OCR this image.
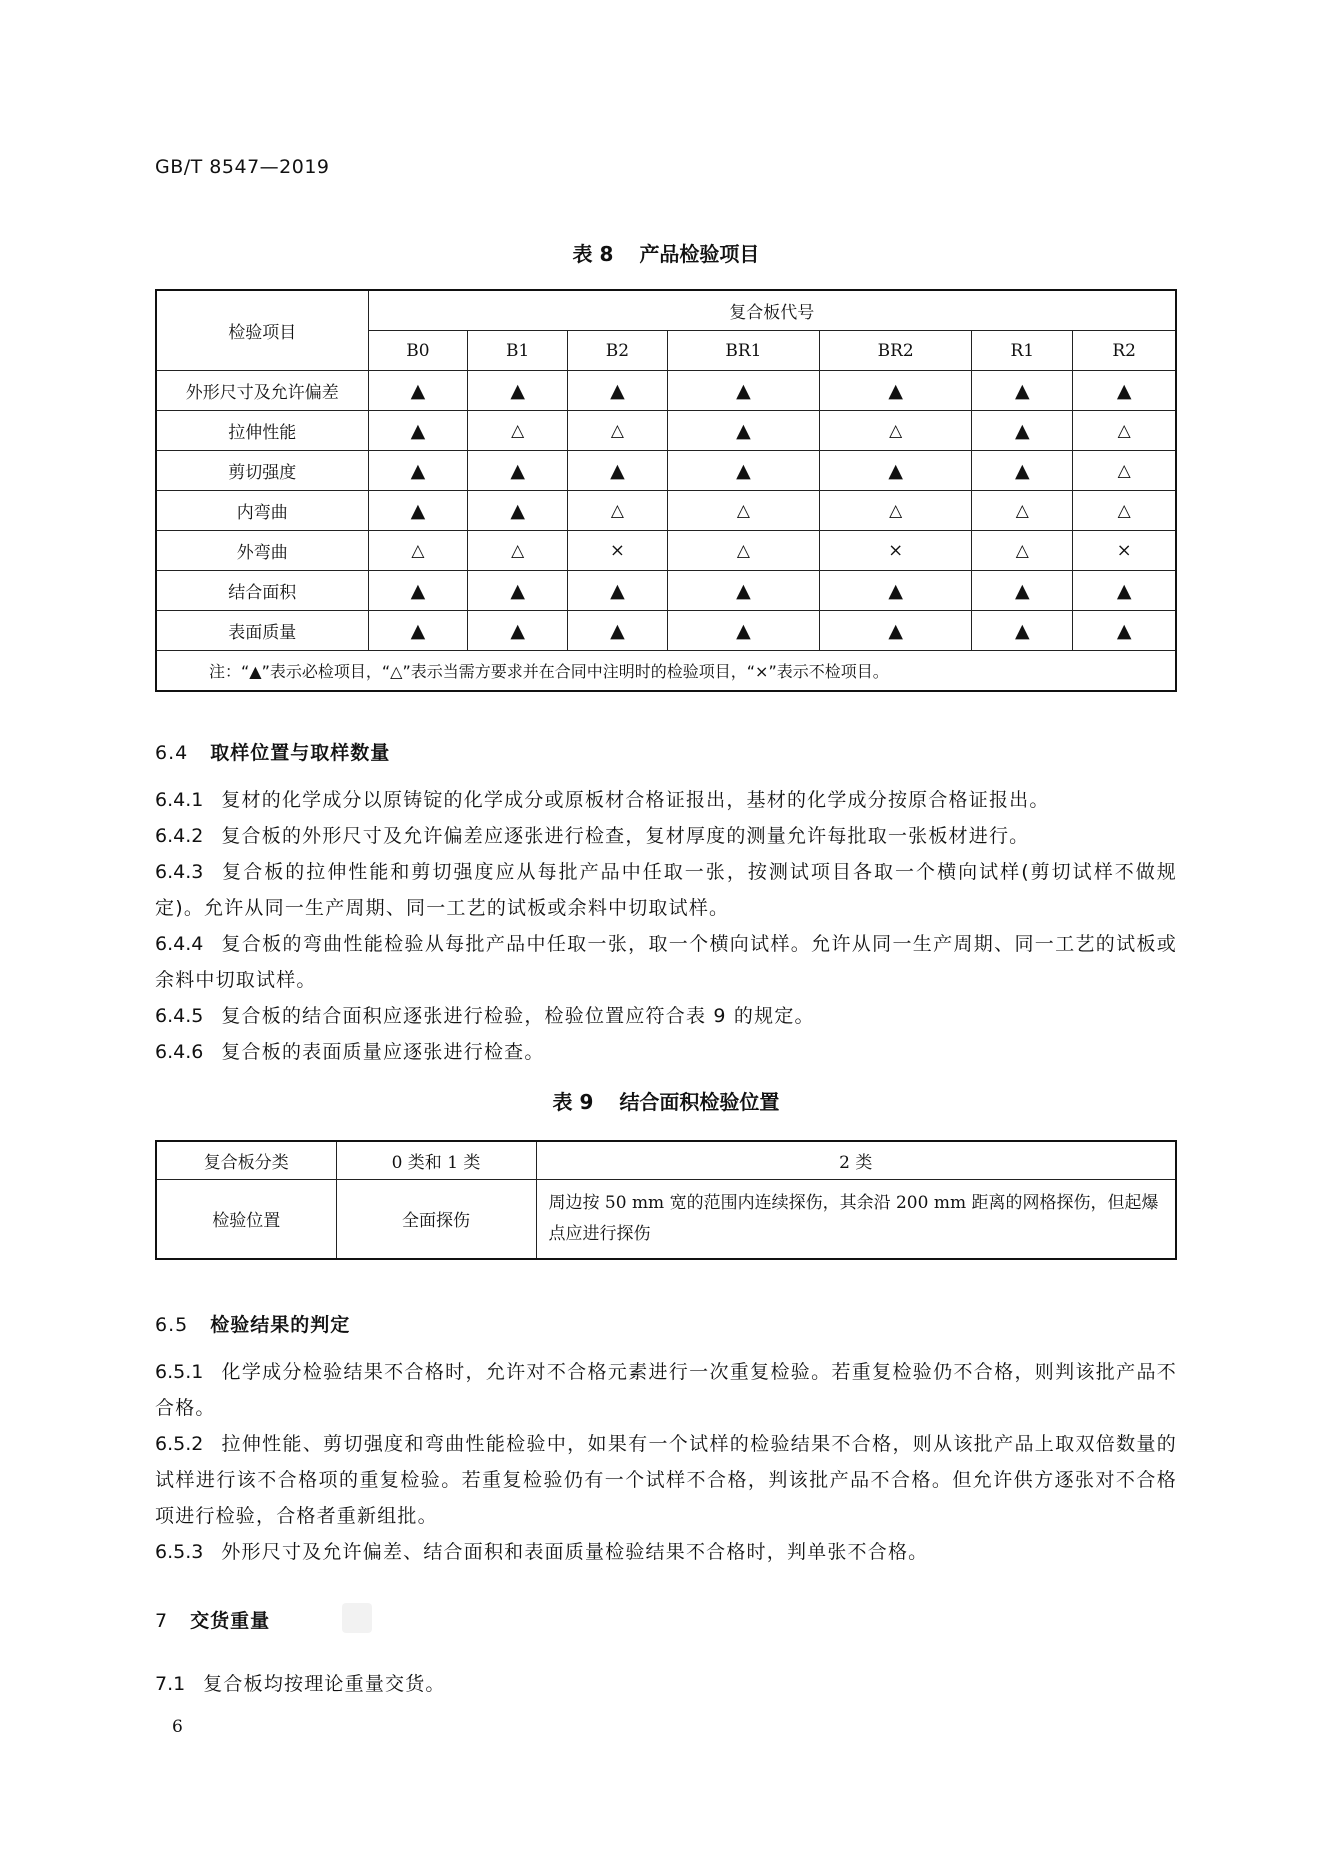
GB/T 8547—2019
表 8 产品检验项目
检验项目	复合板代号						
	B0	B1	B2	BR1	BR2	R1	R2
外形尺寸及允许偏差	▲	▲	▲	▲	▲	▲	▲
拉伸性能	▲	△	△	▲	△	▲	△
剪切强度	▲	▲	▲	▲	▲	▲	△
内弯曲	▲	▲	△	△	△	△	△
外弯曲	△	△	×	△	×	△	×
结合面积	▲	▲	▲	▲	▲	▲	▲
表面质量	▲	▲	▲	▲	▲	▲	▲
注：“▲”表示必检项目，“△”表示当需方要求并在合同中注明时的检验项目，“×”表示不检项目。							
6.4 取样位置与取样数量
6.4.1 复材的化学成分以原铸锭的化学成分或原板材合格证报出，基材的化学成分按原合格证报出。
6.4.2 复合板的外形尺寸及允许偏差应逐张进行检查，复材厚度的测量允许每批取一张板材进行。
6.4.3 复合板的拉伸性能和剪切强度应从每批产品中任取一张，按测试项目各取一个横向试样(剪切试样不做规定)。允许从同一生产周期、同一工艺的试板或余料中切取试样。
6.4.4 复合板的弯曲性能检验从每批产品中任取一张，取一个横向试样。允许从同一生产周期、同一工艺的试板或余料中切取试样。
6.4.5 复合板的结合面积应逐张进行检验，检验位置应符合表 9 的规定。
6.4.6 复合板的表面质量应逐张进行检查。
表 9 结合面积检验位置
复合板分类	0 类和 1 类	2 类
检验位置	全面探伤	周边按 50 mm 宽的范围内连续探伤，其余沿 200 mm 距离的网格探伤，但起爆点应进行探伤
6.5 检验结果的判定
6.5.1 化学成分检验结果不合格时，允许对不合格元素进行一次重复检验。若重复检验仍不合格，则判该批产品不合格。
6.5.2 拉伸性能、剪切强度和弯曲性能检验中，如果有一个试样的检验结果不合格，则从该批产品上取双倍数量的试样进行该不合格项的重复检验。若重复检验仍有一个试样不合格，判该批产品不合格。但允许供方逐张对不合格项进行检验，合格者重新组批。
6.5.3 外形尺寸及允许偏差、结合面积和表面质量检验结果不合格时，判单张不合格。
7 交货重量
7.1 复合板均按理论重量交货。
6
